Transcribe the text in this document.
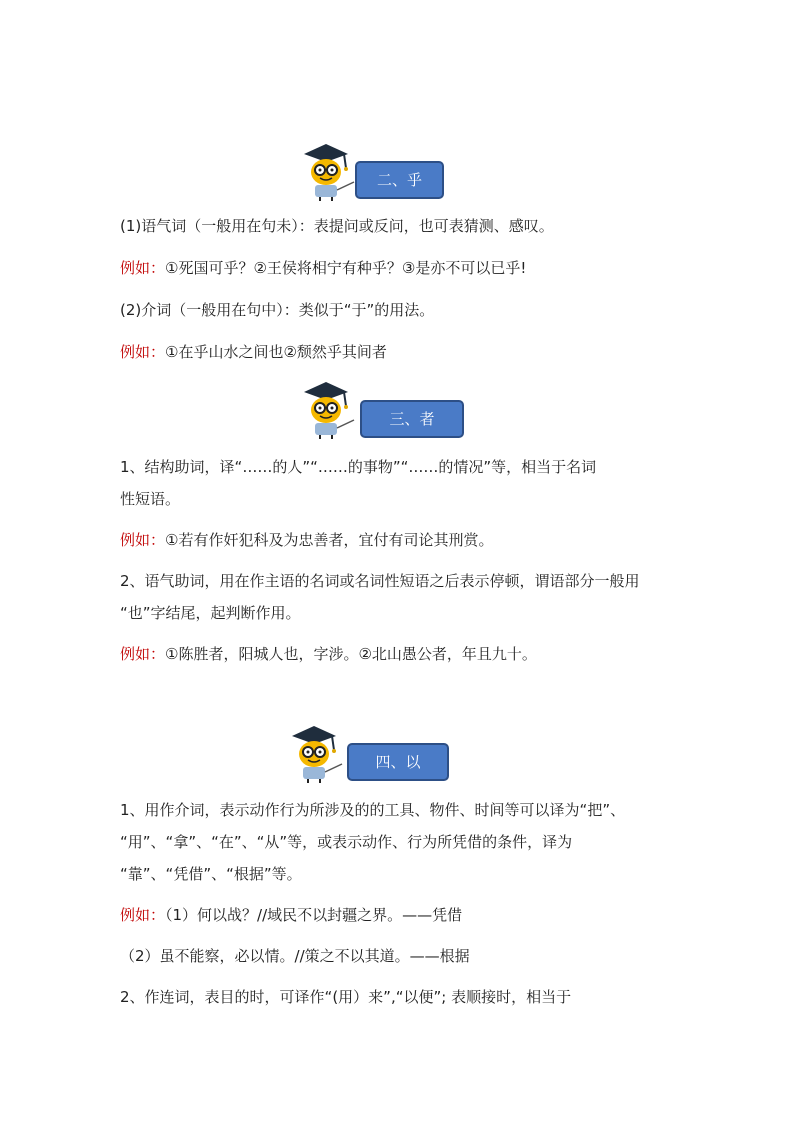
二、乎

(1)语气词（一般用在句未）：表提问或反问，也可表猜测、感叹。

例如：①死国可乎？②王侯将相宁有种乎？③是亦不可以已乎!

(2)介词（一般用在句中）：类似于“于”的用法。

例如：①在乎山水之间也②颓然乎其间者

三、者

1、结构助词，译“……的人”“……的事物”“……的情况”等，相当于名词

性短语。

例如：①若有作奸犯科及为忠善者，宜付有司论其刑赏。

2、语气助词，用在作主语的名词或名词性短语之后表示停顿，谓语部分一般用

“也”字结尾，起判断作用。

例如：①陈胜者，阳城人也，字涉。②北山愚公者，年且九十。

四、以

1、用作介词，表示动作行为所涉及的的工具、物件、时间等可以译为“把”、

“用”、“拿”、“在”、“从”等，或表示动作、行为所凭借的条件，译为

“靠”、“凭借”、“根据”等。

例如：（1）何以战？//域民不以封疆之界。——凭借

（2）虽不能察，必以情。//策之不以其道。——根据

2、作连词，表目的时，可译作“(用）来”,“以便”; 表顺接时，相当于
